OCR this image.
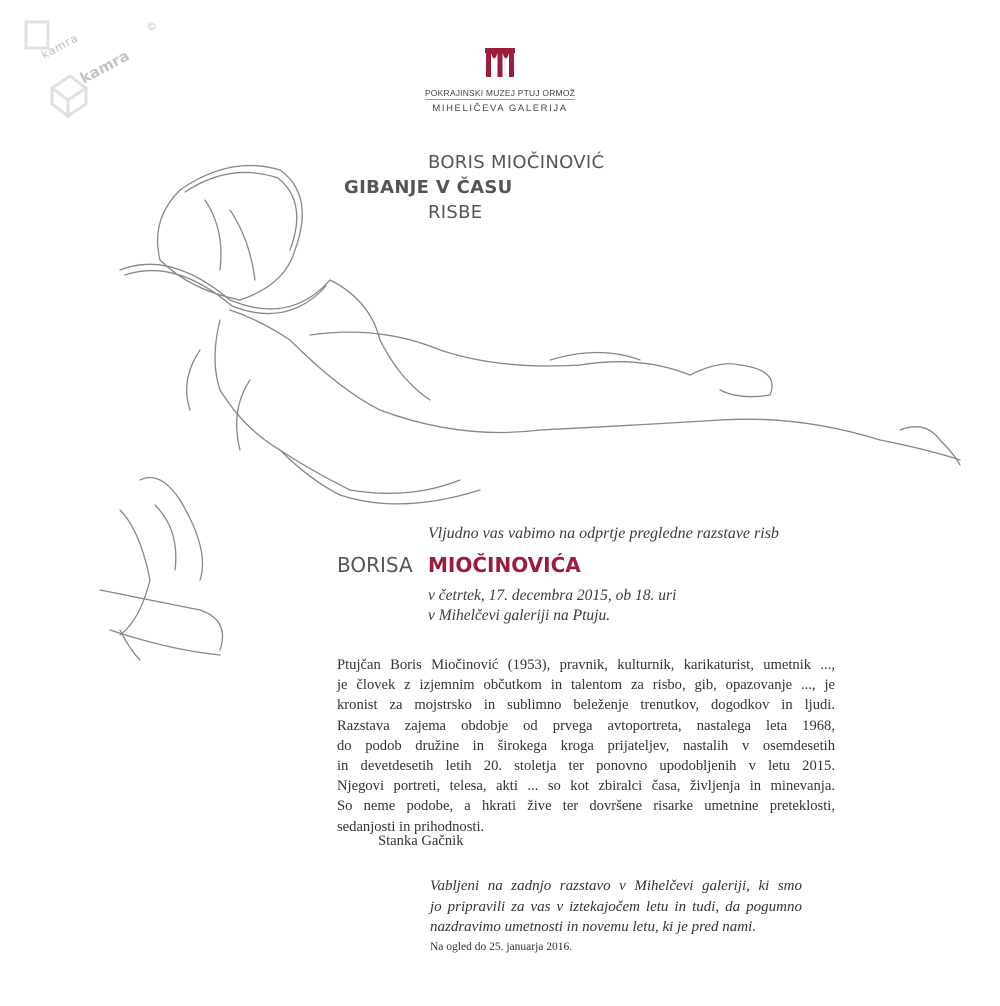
kamra
kamra
©
POKRAJINSKI MUZEJ PTUJ ORMOŽ
MIHELIČEVA GALERIJA
BORIS MIOČINOVIĆ
GIBANJE V ČASU
RISBE
Vljudno vas vabimo na odprtje pregledne razstave risb
BORISA MIOČINOVIĆA
v četrtek, 17. decembra 2015, ob 18. uri
v Mihelčevi galeriji na Ptuju.
Ptujčan Boris Miočinović (1953), pravnik, kulturnik, karikaturist, umetnik ...,
je človek z izjemnim občutkom in talentom za risbo, gib, opazovanje ..., je
kronist za mojstrsko in sublimno beleženje trenutkov, dogodkov in ljudi.
Razstava zajema obdobje od prvega avtoportreta, nastalega leta 1968,
do podob družine in širokega kroga prijateljev, nastalih v osemdesetih
in devetdesetih letih 20. stoletja ter ponovno upodobljenih v letu 2015.
Njegovi portreti, telesa, akti ... so kot zbiralci časa, življenja in minevanja.
So neme podobe, a hkrati žive ter dovršene risarke umetnine preteklosti,
sedanjosti in prihodnosti.
Stanka Gačnik
Vabljeni na zadnjo razstavo v Mihelčevi galeriji, ki smo
jo pripravili za vas v iztekajočem letu in tudi, da pogumno
nazdravimo umetnosti in novemu letu, ki je pred nami.
Na ogled do 25. januarja 2016.
